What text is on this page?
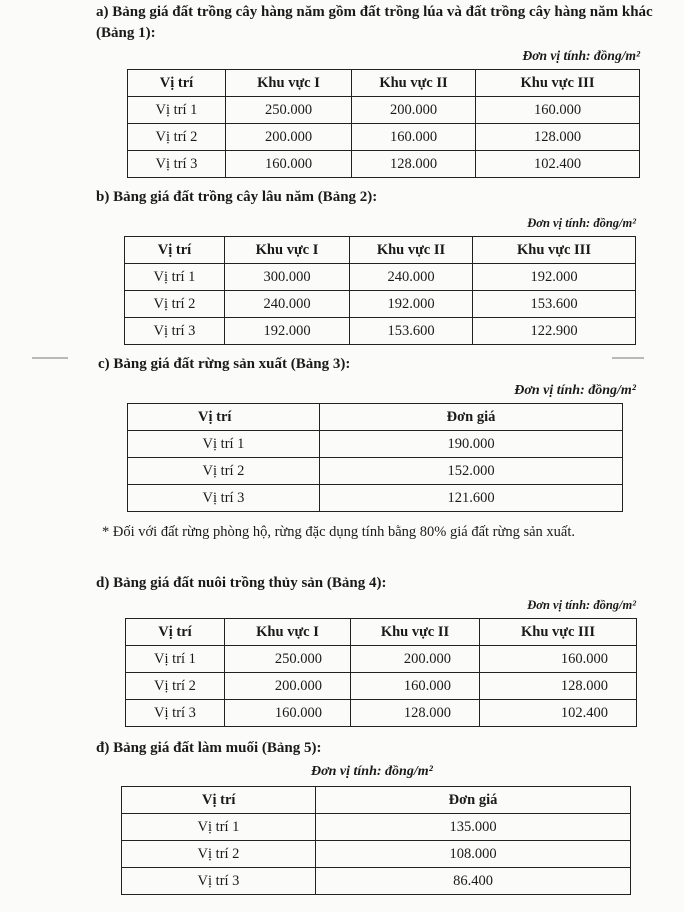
a) Bảng giá đất trồng cây hàng năm gồm đất trồng lúa và đất trồng cây hàng năm khác (Bảng 1):

Đơn vị tính: đồng/m²

Vị trí	Khu vực I	Khu vực II	Khu vực III
Vị trí 1	250.000	200.000	160.000
Vị trí 2	200.000	160.000	128.000
Vị trí 3	160.000	128.000	102.400

b) Bảng giá đất trồng cây lâu năm (Bảng 2):

Đơn vị tính: đồng/m²

Vị trí	Khu vực I	Khu vực II	Khu vực III
Vị trí 1	300.000	240.000	192.000
Vị trí 2	240.000	192.000	153.600
Vị trí 3	192.000	153.600	122.900

c) Bảng giá đất rừng sản xuất (Bảng 3):

Đơn vị tính: đồng/m²

Vị trí	Đơn giá
Vị trí 1	190.000
Vị trí 2	152.000
Vị trí 3	121.600

* Đối với đất rừng phòng hộ, rừng đặc dụng tính bằng 80% giá đất rừng sản xuất.

d) Bảng giá đất nuôi trồng thủy sản (Bảng 4):

Đơn vị tính: đồng/m²

Vị trí	Khu vực I	Khu vực II	Khu vực III
Vị trí 1	250.000	200.000	160.000
Vị trí 2	200.000	160.000	128.000
Vị trí 3	160.000	128.000	102.400

đ) Bảng giá đất làm muối (Bảng 5):

Đơn vị tính: đồng/m²

Vị trí	Đơn giá
Vị trí 1	135.000
Vị trí 2	108.000
Vị trí 3	86.400
